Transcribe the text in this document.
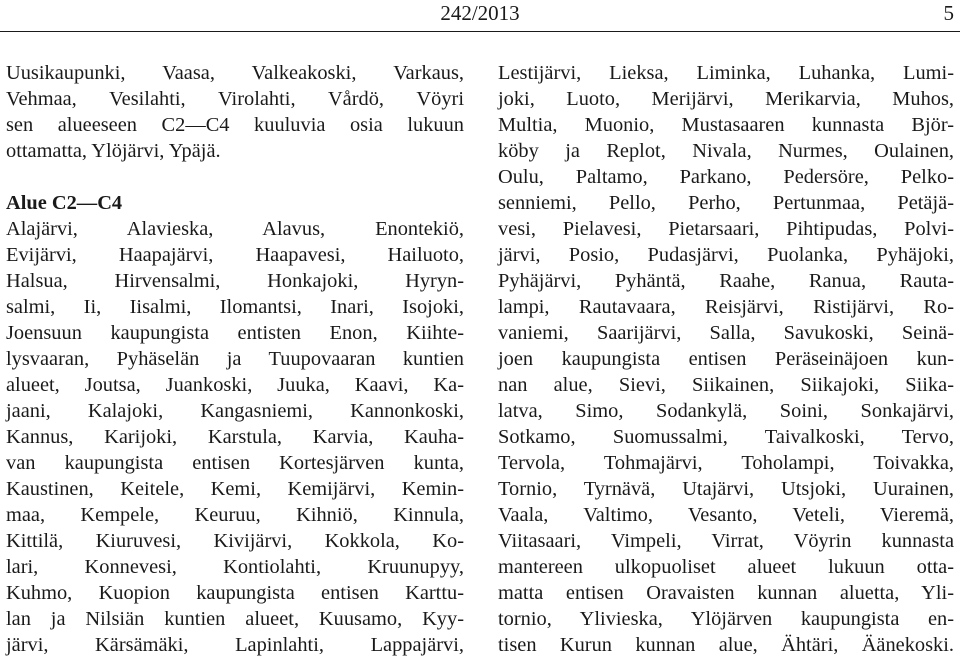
242/2013	5

Uusikaupunki, Vaasa, Valkeakoski, Varkaus,
Vehmaa, Vesilahti, Virolahti, Vårdö, Vöyri
sen alueeseen C2—C4 kuuluvia osia lukuun
ottamatta, Ylöjärvi, Ypäjä.

Alue C2—C4

Alajärvi, Alavieska, Alavus, Enontekiö,
Evijärvi, Haapajärvi, Haapavesi, Hailuoto,
Halsua, Hirvensalmi, Honkajoki, Hyryn-
salmi, Ii, Iisalmi, Ilomantsi, Inari, Isojoki,
Joensuun kaupungista entisten Enon, Kiihte-
lysvaaran, Pyhäselän ja Tuupovaaran kuntien
alueet, Joutsa, Juankoski, Juuka, Kaavi, Ka-
jaani, Kalajoki, Kangasniemi, Kannonkoski,
Kannus, Karijoki, Karstula, Karvia, Kauha-
van kaupungista entisen Kortesjärven kunta,
Kaustinen, Keitele, Kemi, Kemijärvi, Kemin-
maa, Kempele, Keuruu, Kihniö, Kinnula,
Kittilä, Kiuruvesi, Kivijärvi, Kokkola, Ko-
lari, Konnevesi, Kontiolahti, Kruunupyy,
Kuhmo, Kuopion kaupungista entisen Karttu-
lan ja Nilsiän kuntien alueet, Kuusamo, Kyy-
järvi, Kärsämäki, Lapinlahti, Lappajärvi,

Lestijärvi, Lieksa, Liminka, Luhanka, Lumi-
joki, Luoto, Merijärvi, Merikarvia, Muhos,
Multia, Muonio, Mustasaaren kunnasta Björ-
köby ja Replot, Nivala, Nurmes, Oulainen,
Oulu, Paltamo, Parkano, Pedersöre, Pelko-
senniemi, Pello, Perho, Pertunmaa, Petäjä-
vesi, Pielavesi, Pietarsaari, Pihtipudas, Polvi-
järvi, Posio, Pudasjärvi, Puolanka, Pyhäjoki,
Pyhäjärvi, Pyhäntä, Raahe, Ranua, Rauta-
lampi, Rautavaara, Reisjärvi, Ristijärvi, Ro-
vaniemi, Saarijärvi, Salla, Savukoski, Seinä-
joen kaupungista entisen Peräseinäjoen kun-
nan alue, Sievi, Siikainen, Siikajoki, Siika-
latva, Simo, Sodankylä, Soini, Sonkajärvi,
Sotkamo, Suomussalmi, Taivalkoski, Tervo,
Tervola, Tohmajärvi, Toholampi, Toivakka,
Tornio, Tyrnävä, Utajärvi, Utsjoki, Uurainen,
Vaala, Valtimo, Vesanto, Veteli, Vieremä,
Viitasaari, Vimpeli, Virrat, Vöyrin kunnasta
mantereen ulkopuoliset alueet lukuun otta-
matta entisen Oravaisten kunnan aluetta, Yli-
tornio, Ylivieska, Ylöjärven kaupungista en-
tisen Kurun kunnan alue, Ähtäri, Äänekoski.
